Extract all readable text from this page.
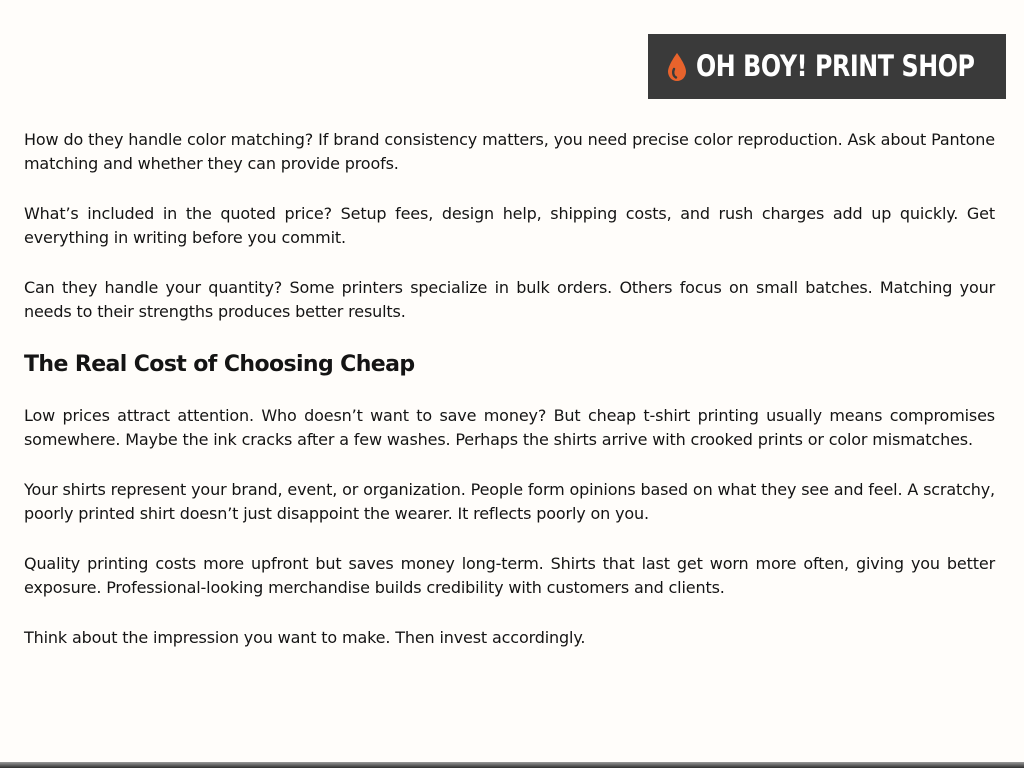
OH BOY! PRINT SHOP

How do they handle color matching? If brand consistency matters, you need precise color reproduction. Ask about Pantone matching and whether they can provide proofs.

What’s included in the quoted price? Setup fees, design help, shipping costs, and rush charges add up quickly. Get everything in writing before you commit.

Can they handle your quantity? Some printers specialize in bulk orders. Others focus on small batches. Matching your needs to their strengths produces better results.

The Real Cost of Choosing Cheap

Low prices attract attention. Who doesn’t want to save money? But cheap t-shirt printing usually means compromises somewhere. Maybe the ink cracks after a few washes. Perhaps the shirts arrive with crooked prints or color mismatches.

Your shirts represent your brand, event, or organization. People form opinions based on what they see and feel. A scratchy, poorly printed shirt doesn’t just disappoint the wearer. It reflects poorly on you.

Quality printing costs more upfront but saves money long-term. Shirts that last get worn more often, giving you better exposure. Professional-looking merchandise builds credibility with customers and clients.

Think about the impression you want to make. Then invest accordingly.
